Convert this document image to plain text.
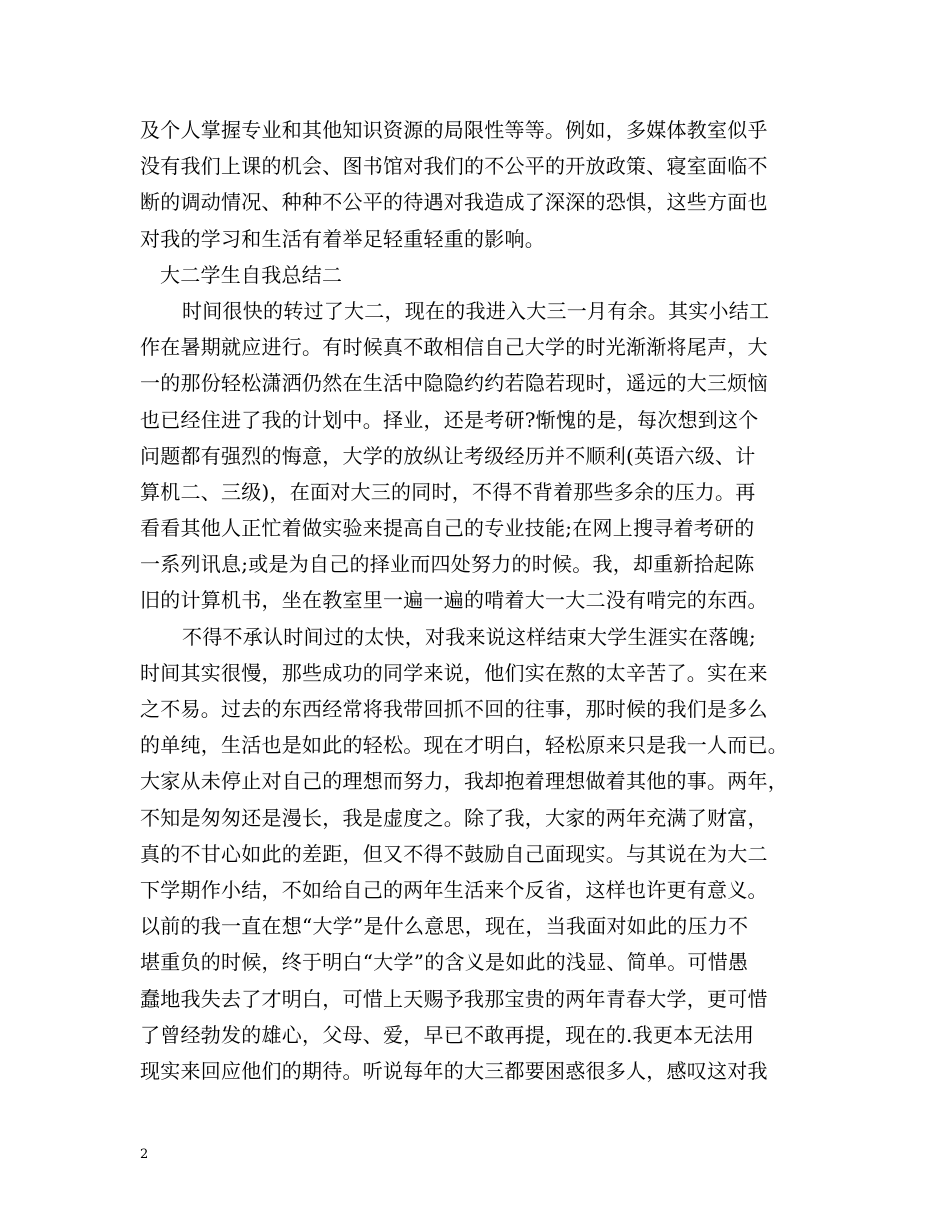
及个人掌握专业和其他知识资源的局限性等等。例如，多媒体教室似乎
没有我们上课的机会、图书馆对我们的不公平的开放政策、寝室面临不
断的调动情况、种种不公平的待遇对我造成了深深的恐惧，这些方面也
对我的学习和生活有着举足轻重轻重的影响。
大二学生自我总结二
时间很快的转过了大二，现在的我进入大三一月有余。其实小结工
作在暑期就应进行。有时候真不敢相信自己大学的时光渐渐将尾声，大
一的那份轻松潇洒仍然在生活中隐隐约约若隐若现时，遥远的大三烦恼
也已经住进了我的计划中。择业，还是考研?惭愧的是，每次想到这个
问题都有强烈的悔意，大学的放纵让考级经历并不顺利(英语六级、计
算机二、三级)，在面对大三的同时，不得不背着那些多余的压力。再
看看其他人正忙着做实验来提高自己的专业技能;在网上搜寻着考研的
一系列讯息;或是为自己的择业而四处努力的时候。我，却重新拾起陈
旧的计算机书，坐在教室里一遍一遍的啃着大一大二没有啃完的东西。
不得不承认时间过的太快，对我来说这样结束大学生涯实在落魄;
时间其实很慢，那些成功的同学来说，他们实在熬的太辛苦了。实在来
之不易。过去的东西经常将我带回抓不回的往事，那时候的我们是多么
的单纯，生活也是如此的轻松。现在才明白，轻松原来只是我一人而已。
大家从未停止对自己的理想而努力，我却抱着理想做着其他的事。两年，
不知是匆匆还是漫长，我是虚度之。除了我，大家的两年充满了财富，
真的不甘心如此的差距，但又不得不鼓励自己面现实。与其说在为大二
下学期作小结，不如给自己的两年生活来个反省，这样也许更有意义。
以前的我一直在想“大学”是什么意思，现在，当我面对如此的压力不
堪重负的时候，终于明白“大学”的含义是如此的浅显、简单。可惜愚
蠢地我失去了才明白，可惜上天赐予我那宝贵的两年青春大学，更可惜
了曾经勃发的雄心，父母、爱，早已不敢再提，现在的.我更本无法用
现实来回应他们的期待。听说每年的大三都要困惑很多人，感叹这对我
2
